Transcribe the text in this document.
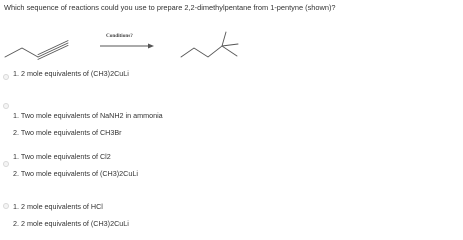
Which sequence of reactions could you use to prepare 2,2-dimethylpentane from 1-pentyne (shown)?
Conditions?
1. 2 mole equivalents of (CH3)2CuLi
1. Two mole equivalents of NaNH2 in ammonia
2. Two mole equivalents of CH3Br
1. Two mole equivalents of Cl2
2. Two mole equivalents of (CH3)2CuLi
1. 2 mole equivalents of HCl
2. 2 mole equivalents of (CH3)2CuLi
